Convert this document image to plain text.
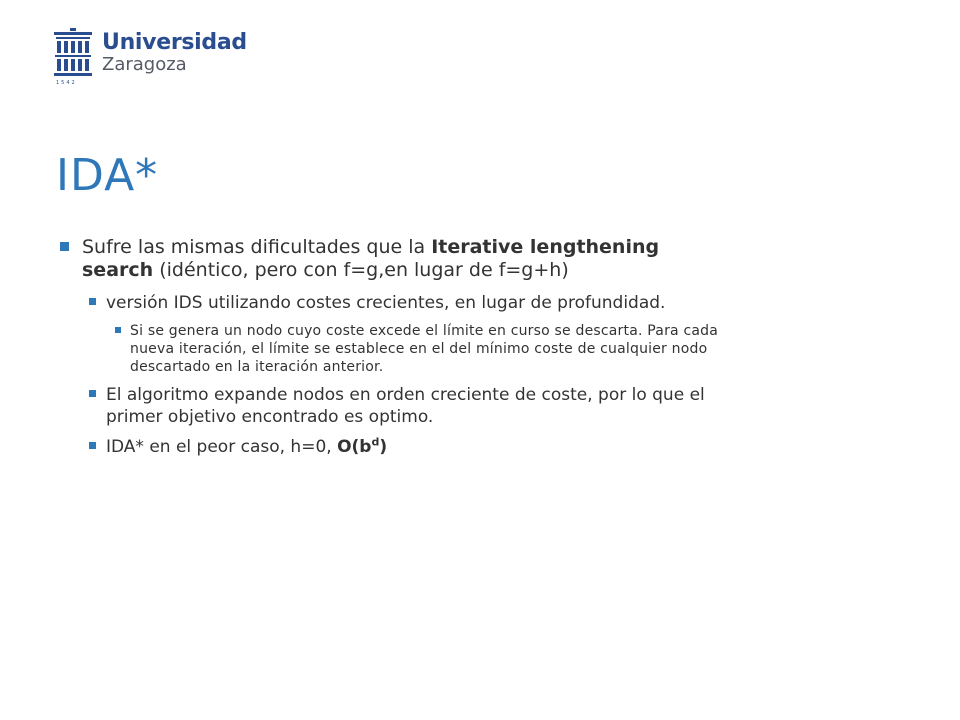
1542
Universidad
Zaragoza
IDA*
Sufre las mismas dificultades que la Iterative lengthening search (idéntico, pero con f=g,en lugar de f=g+h)
versión IDS utilizando costes crecientes, en lugar de profundidad.
Si se genera un nodo cuyo coste excede el límite en curso se descarta. Para cada nueva iteración, el límite se establece en el del mínimo coste de cualquier nodo descartado en la iteración anterior.
El algoritmo expande nodos en orden creciente de coste, por lo que el primer objetivo encontrado es optimo.
IDA* en el peor caso, h=0, $O(b^d)$
